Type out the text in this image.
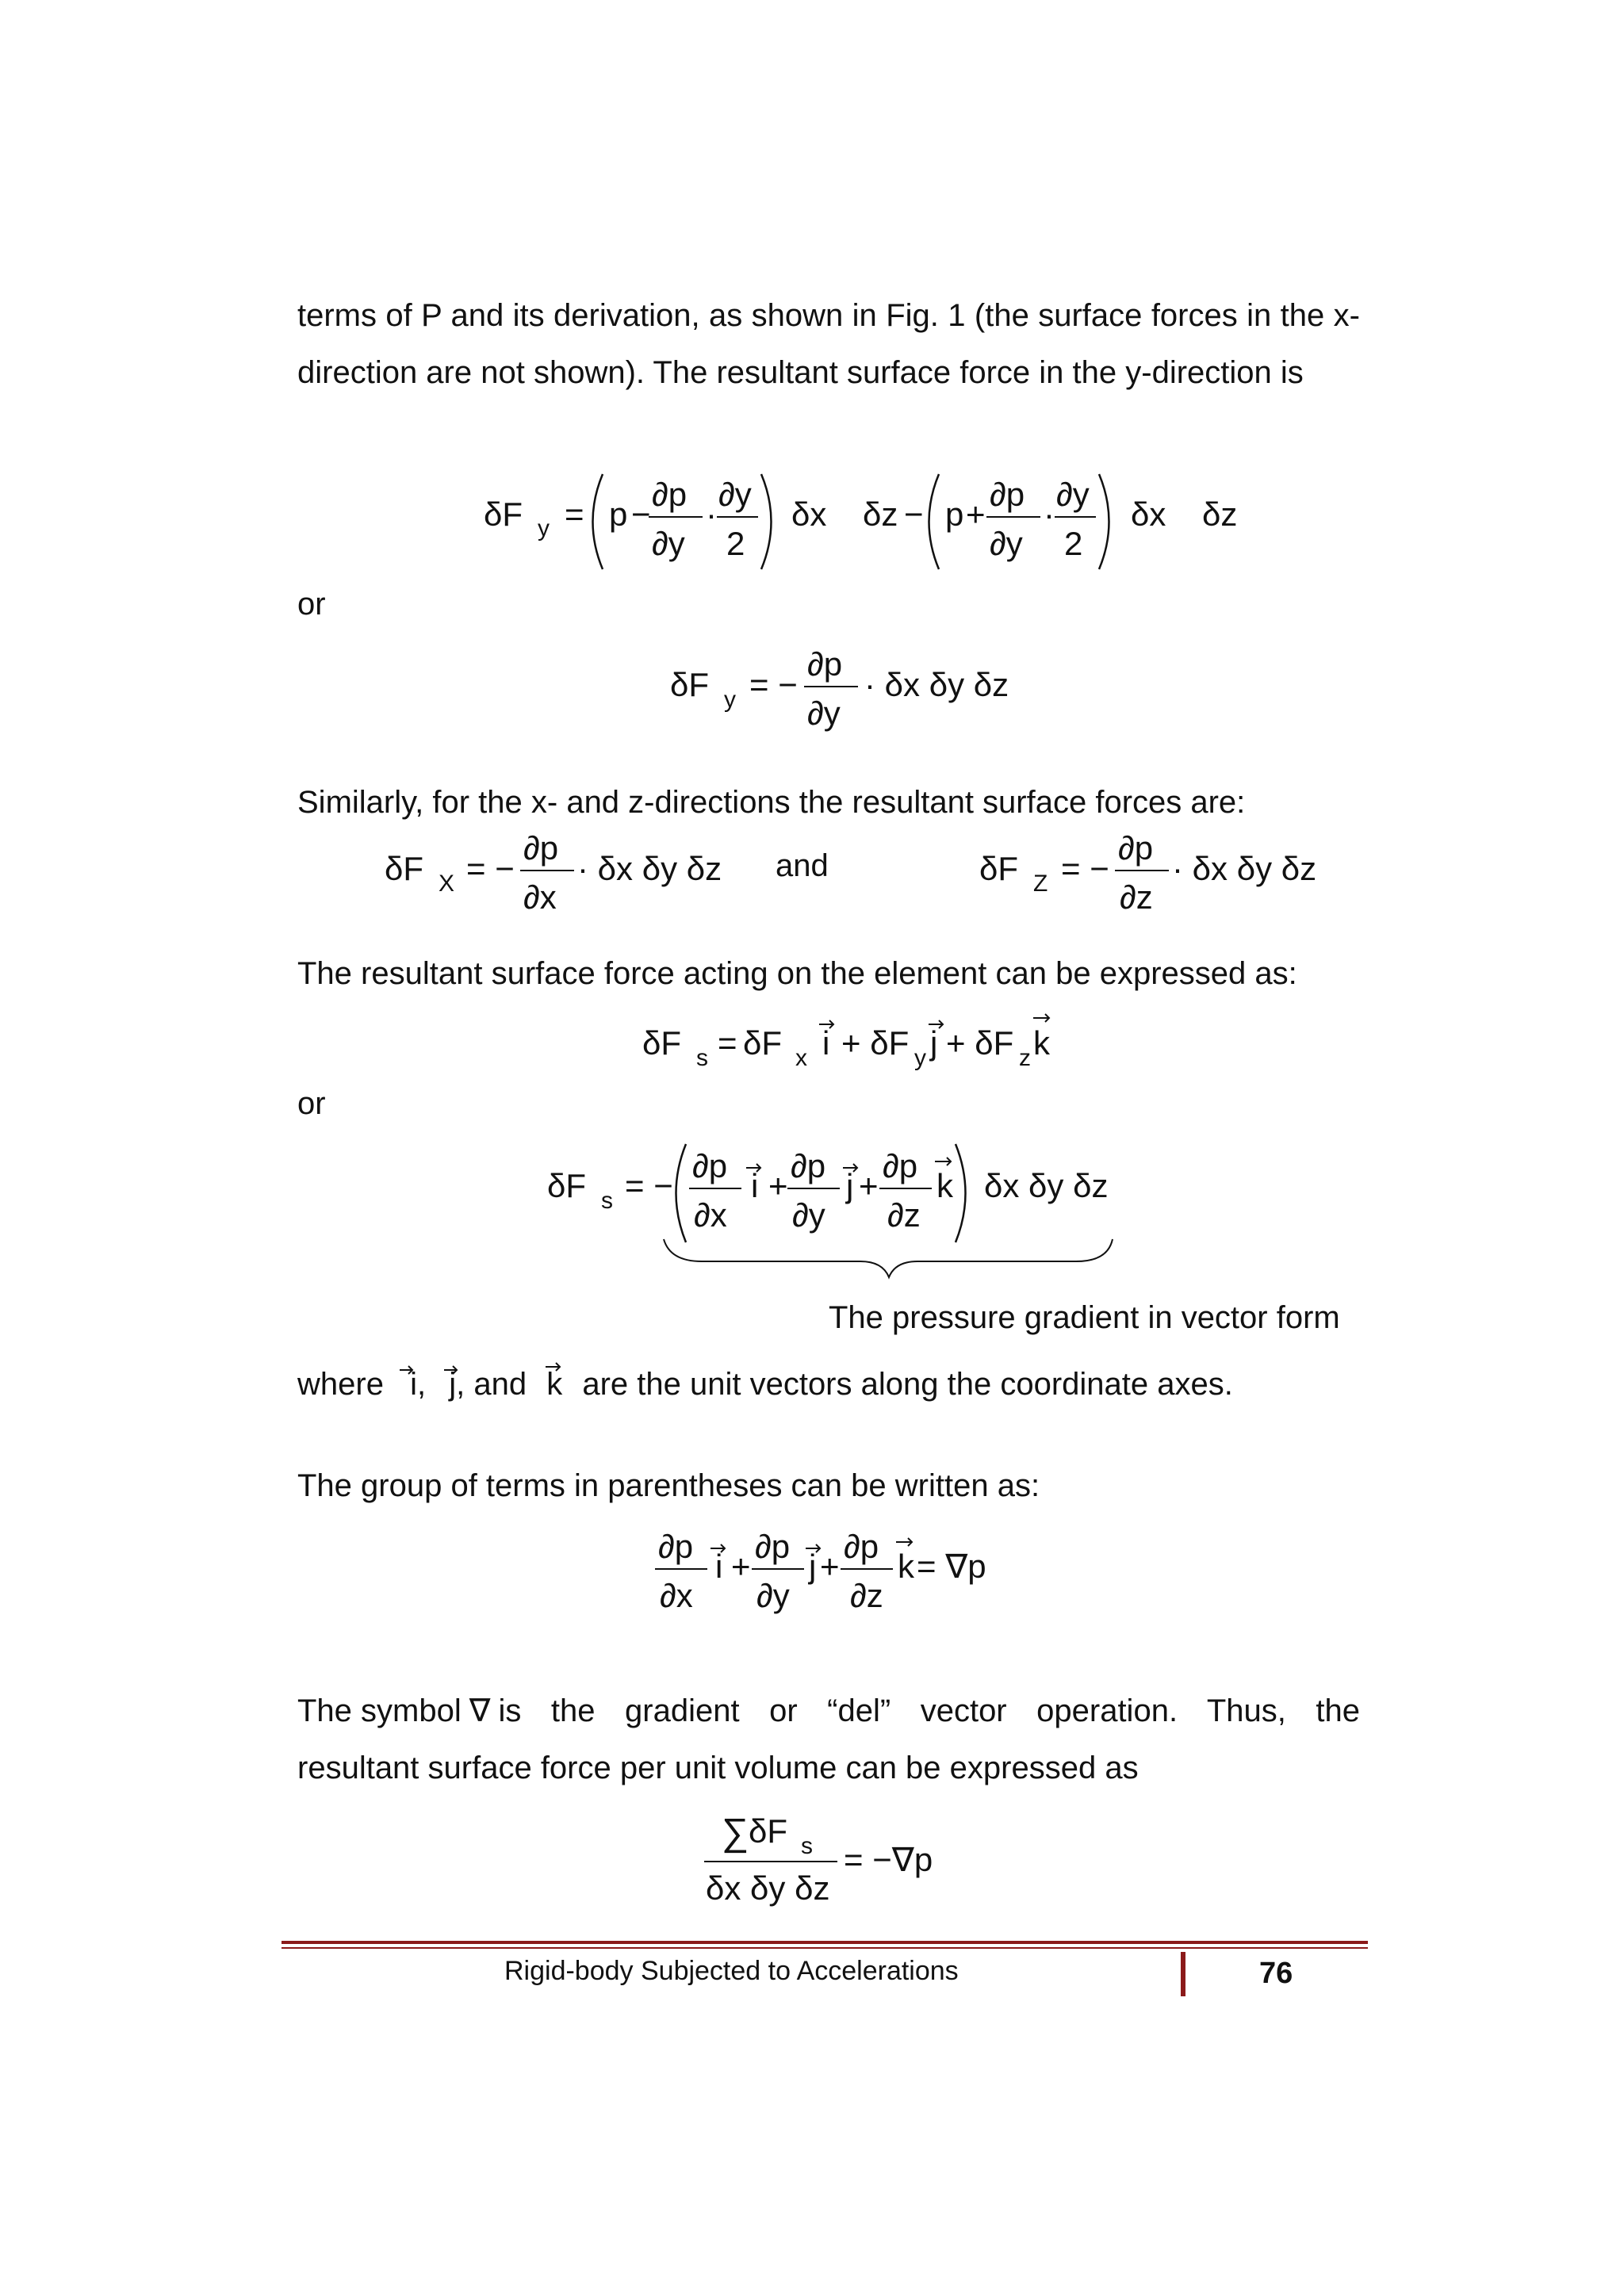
terms of P and its derivation, as shown in Fig. 1 (the surface forces in the x-direction are not shown). The resultant surface force in the y-direction is
δF y = p −
∂p
∂y
·
∂y
2
δx δz − p +
∂p
∂y
·
∂y
2
δx δz
or
δF y = −
∂p
∂y
· δx δy δz
Similarly, for the x- and z-directions the resultant surface forces are:
δF X = −
∂p
∂x
· δx δy δz and	δF Z = −
∂p
∂z
· δx δy δz
The resultant surface force acting on the element can be expressed as:
δF s = δF x i + δF y j + δF z k
or
δF s = −
∂p
∂x
i +
∂p
∂y
j +
∂p
∂z
k δx δy δz
The pressure gradient in vector form
where i, j, and k are the unit vectors along the coordinate axes.
The group of terms in parentheses can be written as:
∂p
∂x
i +
∂p
∂y
j +
∂p
∂z
k = ∇p
The symbol ∇ is the gradient or “del” vector operation. Thus, the
resultant surface force per unit volume can be expressed as
∑ δF s
δx δy δz
= −∇p
Rigid-body Subjected to Accelerations	76
